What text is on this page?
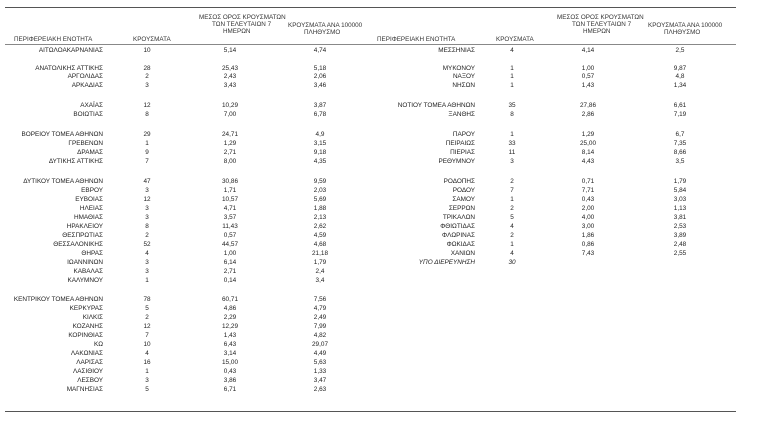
ΠΕΡΙΦΕΡΕΙΑΚΗ ΕΝΟΤΗΤΑ	ΚΡΟΥΣΜΑΤΑ
ΜΕΣΟΣ ΟΡΟΣ ΚΡΟΥΣΜΑΤΩΝ
ΤΩΝ ΤΕΛΕΥΤΑΙΩΝ 7
ΗΜΕΡΩΝ
ΚΡΟΥΣΜΑΤΑ ΑΝΑ 100000
ΠΛΗΘΥΣΜΟ
ΠΕΡΙΦΕΡΕΙΑΚΗ ΕΝΟΤΗΤΑ	ΚΡΟΥΣΜΑΤΑ
ΜΕΣΟΣ ΟΡΟΣ ΚΡΟΥΣΜΑΤΩΝ
ΤΩΝ ΤΕΛΕΥΤΑΙΩΝ 7
ΗΜΕΡΩΝ
ΚΡΟΥΣΜΑΤΑ ΑΝΑ 100000
ΠΛΗΘΥΣΜΟ
ΑΙΤΩΛΟΑΚΑΡΝΑΝΙΑΣ	10	5,14	4,74
ΑΝΑΤΟΛΙΚΗΣ ΑΤΤΙΚΗΣ	28	25,43	5,18
ΑΡΓΟΛΙΔΑΣ	2	2,43	2,06
ΑΡΚΑΔΙΑΣ	3	3,43	3,46
ΑΧΑΪΑΣ	12	10,29	3,87
ΒΟΙΩΤΙΑΣ	8	7,00	6,78
ΒΟΡΕΙΟΥ ΤΟΜΕΑ ΑΘΗΝΩΝ	29	24,71	4,9
ΓΡΕΒΕΝΩΝ	1	1,29	3,15
ΔΡΑΜΑΣ	9	2,71	9,18
ΔΥΤΙΚΗΣ ΑΤΤΙΚΗΣ	7	8,00	4,35
ΔΥΤΙΚΟΥ ΤΟΜΕΑ ΑΘΗΝΩΝ	47	30,86	9,59
ΕΒΡΟΥ	3	1,71	2,03
ΕΥΒΟΙΑΣ	12	10,57	5,69
ΗΛΕΙΑΣ	3	4,71	1,88
ΗΜΑΘΙΑΣ	3	3,57	2,13
ΗΡΑΚΛΕΙΟΥ	8	11,43	2,62
ΘΕΣΠΡΩΤΙΑΣ	2	0,57	4,59
ΘΕΣΣΑΛΟΝΙΚΗΣ	52	44,57	4,68
ΘΗΡΑΣ	4	1,00	21,18
ΙΩΑΝΝΙΝΩΝ	3	6,14	1,79
ΚΑΒΑΛΑΣ	3	2,71	2,4
ΚΑΛΥΜΝΟΥ	1	0,14	3,4
ΚΕΝΤΡΙΚΟΥ ΤΟΜΕΑ ΑΘΗΝΩΝ	78	60,71	7,56
ΚΕΡΚΥΡΑΣ	5	4,86	4,79
ΚΙΛΚΙΣ	2	2,29	2,49
ΚΟΖΑΝΗΣ	12	12,29	7,99
ΚΟΡΙΝΘΙΑΣ	7	1,43	4,82
ΚΩ	10	6,43	29,07
ΛΑΚΩΝΙΑΣ	4	3,14	4,49
ΛΑΡΙΣΑΣ	16	15,00	5,63
ΛΑΣΙΘΙΟΥ	1	0,43	1,33
ΛΕΣΒΟΥ	3	3,86	3,47
ΜΑΓΝΗΣΙΑΣ	5	6,71	2,63
ΜΕΣΣΗΝΙΑΣ	4	4,14	2,5
ΜΥΚΟΝΟΥ	1	1,00	9,87
ΝΑΞΟΥ	1	0,57	4,8
ΝΗΣΩΝ	1	1,43	1,34
ΝΟΤΙΟΥ ΤΟΜΕΑ ΑΘΗΝΩΝ	35	27,86	6,61
ΞΑΝΘΗΣ	8	2,86	7,19
ΠΑΡΟΥ	1	1,29	6,7
ΠΕΙΡΑΙΩΣ	33	25,00	7,35
ΠΙΕΡΙΑΣ	11	8,14	8,66
ΡΕΘΥΜΝΟΥ	3	4,43	3,5
ΡΟΔΟΠΗΣ	2	0,71	1,79
ΡΟΔΟΥ	7	7,71	5,84
ΣΑΜΟΥ	1	0,43	3,03
ΣΕΡΡΩΝ	2	2,00	1,13
ΤΡΙΚΑΛΩΝ	5	4,00	3,81
ΦΘΙΩΤΙΔΑΣ	4	3,00	2,53
ΦΛΩΡΙΝΑΣ	2	1,86	3,89
ΦΩΚΙΔΑΣ	1	0,86	2,48
ΧΑΝΙΩΝ	4	7,43	2,55
ΥΠΟ ΔΙΕΡΕΥΝΗΣΗ	30
